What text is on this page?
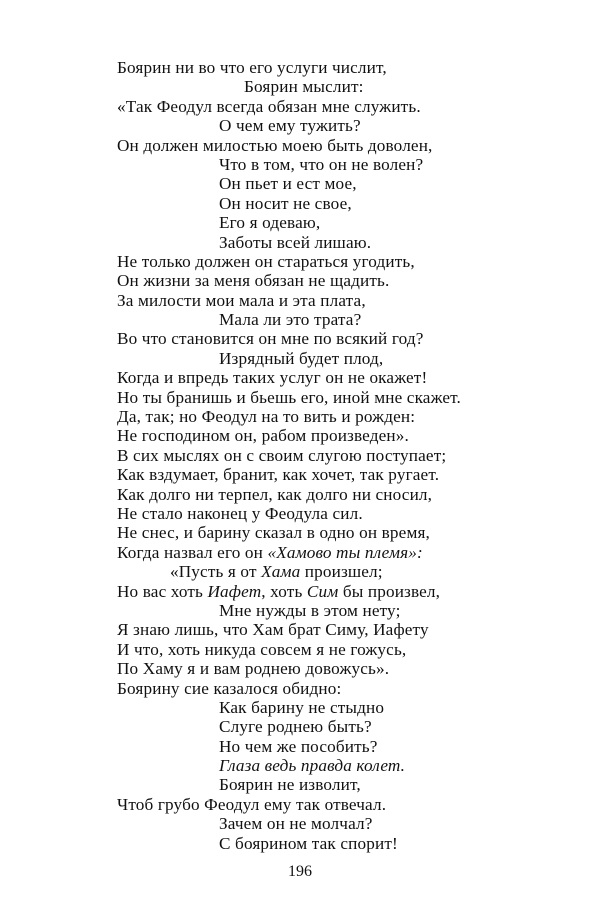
Боярин ни во что его услуги числит,
Боярин мыслит:
«Так Феодул всегда обязан мне служить.
О чем ему тужить?
Он должен милостью моею быть доволен,
Что в том, что он не волен?
Он пьет и ест мое,
Он носит не свое,
Его я одеваю,
Заботы всей лишаю.
Не только должен он стараться угодить,
Он жизни за меня обязан не щадить.
За милости мои мала и эта плата,
Мала ли это трата?
Во что становится он мне по всякий год?
Изрядный будет плод,
Когда и впредь таких услуг он не окажет!
Но ты бранишь и бьешь его, иной мне скажет.
Да, так; но Феодул на то вить и рожден:
Не господином он, рабом произведен».
В сих мыслях он с своим слугою поступает;
Как вздумает, бранит, как хочет, так ругает.
Как долго ни терпел, как долго ни сносил,
Не стало наконец у Феодула сил.
Не снес, и барину сказал в одно он время,
Когда назвал его он «Хамово ты племя»:
«Пусть я от Хама произшел;
Но вас хоть Иафет, хоть Сим бы произвел,
Мне нужды в этом нету;
Я знаю лишь, что Хам брат Симу, Иафету
И что, хоть никуда совсем я не гожусь,
По Хаму я и вам роднею довожусь».
Боярину сие казалося обидно:
Как барину не стыдно
Слуге роднею быть?
Но чем же пособить?
Глаза ведь правда колет.
Боярин не изволит,
Чтоб грубо Феодул ему так отвечал.
Зачем он не молчал?
С боярином так спорит!
196
